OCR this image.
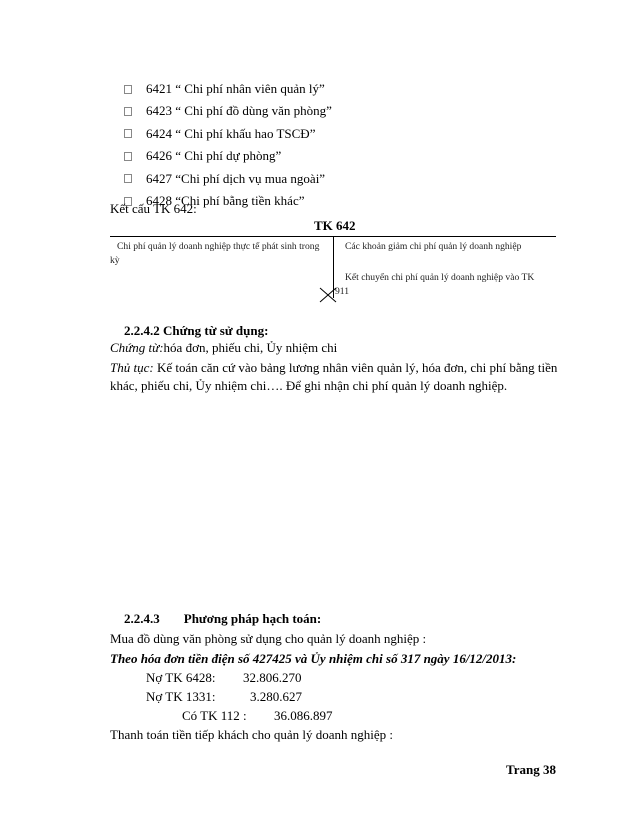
6421 “ Chi phí nhân viên quản lý”
6423 “ Chi phí đồ dùng văn phòng”
6424 “ Chi phí khấu hao TSCĐ”
6426 “ Chi phí dự phòng”
6427 “Chi phí dịch vụ mua ngoài”
6428 “Chi phí bằng tiền khác”
Kết cấu TK 642:
TK 642
Chi phí quản lý doanh nghiệp thực tế phát sinh trong
kỳ
Các khoản giảm chi phí quản lý doanh nghiệp
Kết chuyển chi phí quản lý doanh nghiệp vào TK
911
2.2.4.2 Chứng từ sử dụng:
Chứng từ:hóa đơn, phiếu chi, Ủy nhiệm chi
Thủ tục: Kế toán căn cứ vào bảng lương nhân viên quản lý, hóa đơn, chi phí bằng tiền
khác, phiếu chi, Ủy nhiệm chi…. Để ghi nhận chi phí quản lý doanh nghiệp.
2.2.4.3 Phương pháp hạch toán:
Mua đồ dùng văn phòng sử dụng cho quản lý doanh nghiệp :
Theo hóa đơn tiền điện số 427425 và Ủy nhiệm chi số 317 ngày 16/12/2013:
Nợ TK 6428: 32.806.270
Nợ TK 1331:	3.280.627
Có TK 112 : 36.086.897
Thanh toán tiền tiếp khách cho quản lý doanh nghiệp :
Trang 38
